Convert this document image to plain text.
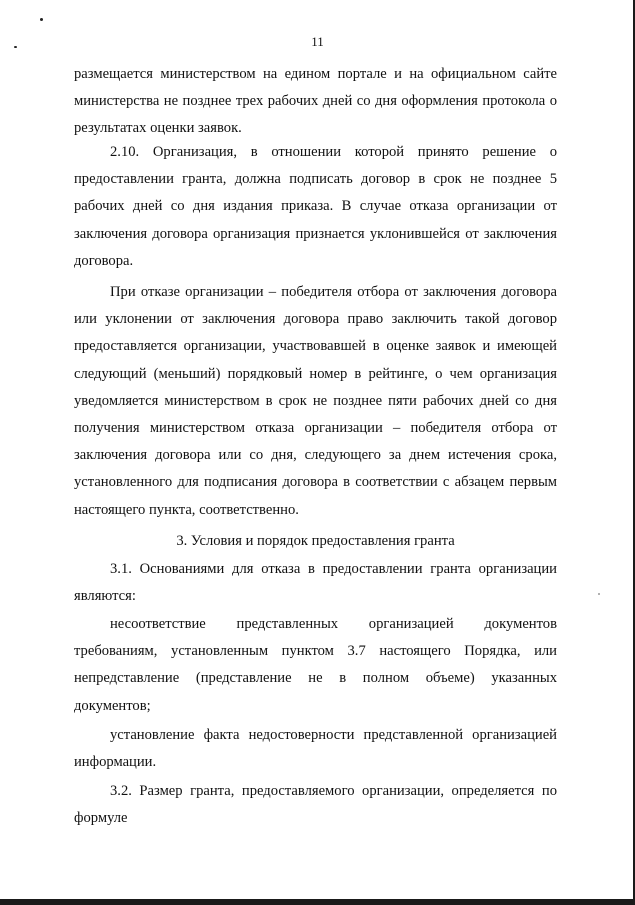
11

размещается министерством на едином портале и на официальном сайте министерства не позднее трех рабочих дней со дня оформления протокола о результатах оценки заявок.

2.10. Организация, в отношении которой принято решение о предоставлении гранта, должна подписать договор в срок не позднее 5 рабочих дней со дня издания приказа. В случае отказа организации от заключения договора организация признается уклонившейся от заключения договора.

При отказе организации – победителя отбора от заключения договора или уклонении от заключения договора право заключить такой договор предоставляется организации, участвовавшей в оценке заявок и имеющей следующий (меньший) порядковый номер в рейтинге, о чем организация уведомляется министерством в срок не позднее пяти рабочих дней со дня получения министерством отказа организации – победителя отбора от заключения договора или со дня, следующего за днем истечения срока, установленного для подписания договора в соответствии с абзацем первым настоящего пункта, соответственно.

3. Условия и порядок предоставления гранта

3.1. Основаниями для отказа в предоставлении гранта организации являются:

несоответствие представленных организацией документов требованиям, установленным пунктом 3.7 настоящего Порядка, или непредставление (представление не в полном объеме) указанных документов;

установление факта недостоверности представленной организацией информации.

3.2. Размер гранта, предоставляемого организации, определяется по формуле
